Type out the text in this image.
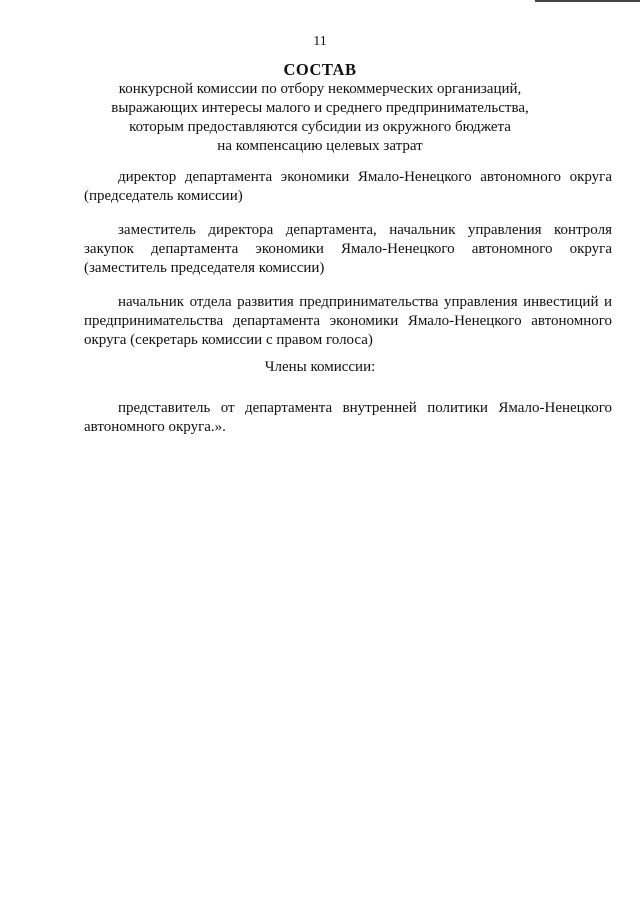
11
СОСТАВ
конкурсной комиссии по отбору некоммерческих организаций,
выражающих интересы малого и среднего предпринимательства,
которым предоставляются субсидии из окружного бюджета
на компенсацию целевых затрат
директор департамента экономики Ямало-Ненецкого автономного округа
(председатель комиссии)
заместитель директора департамента, начальник управления контроля
закупок департамента экономики Ямало-Ненецкого автономного округа
(заместитель председателя комиссии)
начальник отдела развития предпринимательства управления инвестиций и
предпринимательства департамента экономики Ямало-Ненецкого автономного
округа (секретарь комиссии с правом голоса)
Члены комиссии:
представитель от департамента внутренней политики Ямало-Ненецкого
автономного округа.».
